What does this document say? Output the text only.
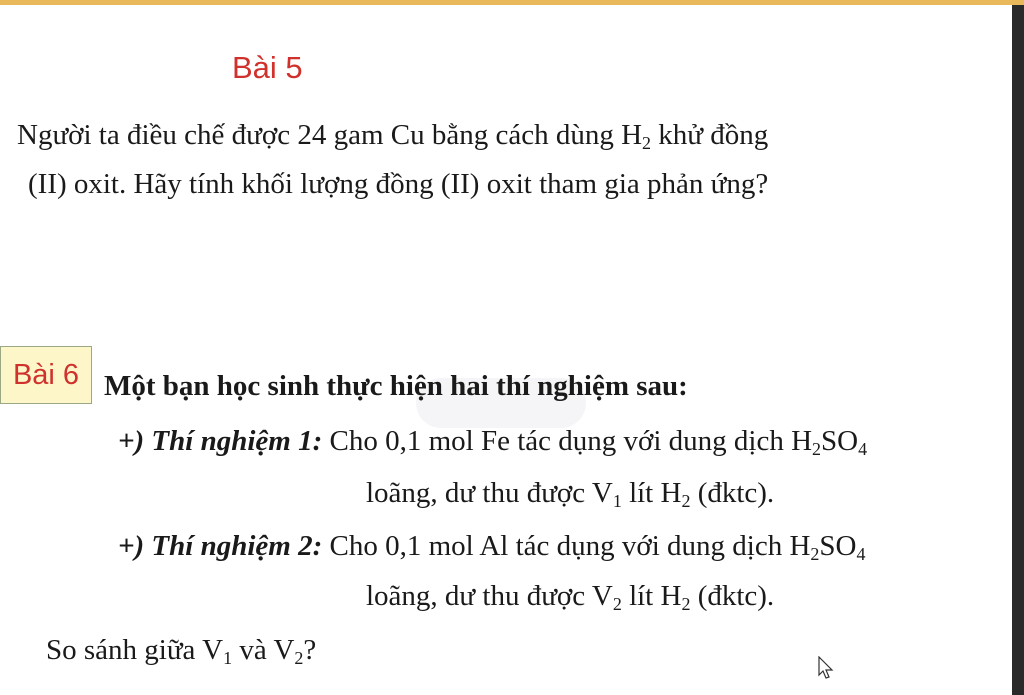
Bài 5
Người ta điều chế được 24 gam Cu bằng cách dùng $H_2$ khử đồng
(II) oxit. Hãy tính khối lượng đồng (II) oxit tham gia phản ứng?
Bài 6 Một bạn học sinh thực hiện hai thí nghiệm sau:
+) Thí nghiệm 1: Cho 0,1 mol Fe tác dụng với dung dịch $H_2SO_4$
loãng, dư thu được $V_1$ lít $H_2$ (đktc).
+) Thí nghiệm 2: Cho 0,1 mol Al tác dụng với dung dịch $H_2SO_4$
loãng, dư thu được $V_2$ lít $H_2$ (đktc).
So sánh giữa $V_1$ và $V_2$?
